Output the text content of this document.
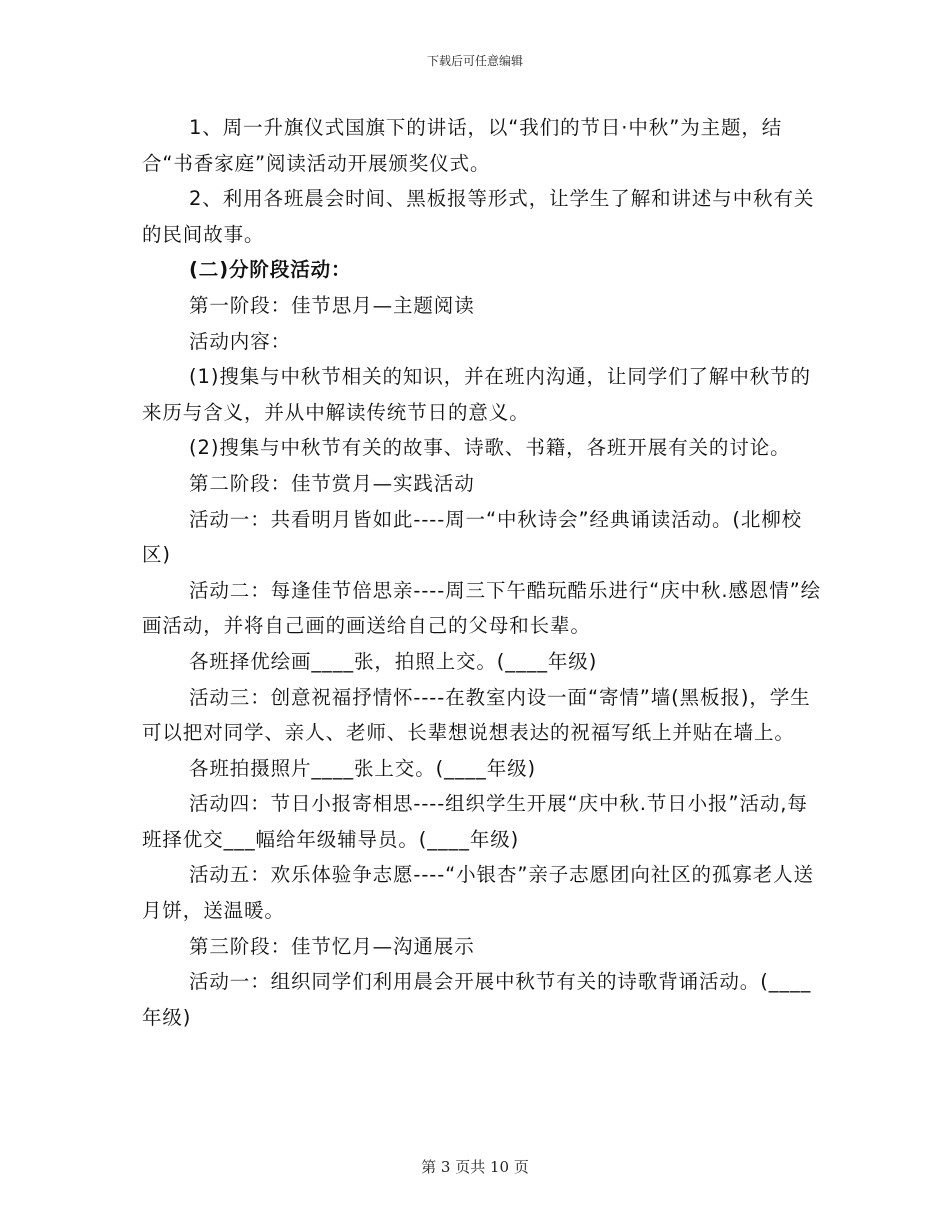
下载后可任意编辑

1、周一升旗仪式国旗下的讲话，以“我们的节日·中秋”为主题，结合“书香家庭”阅读活动开展颁奖仪式。

2、利用各班晨会时间、黑板报等形式，让学生了解和讲述与中秋有关的民间故事。

(二)分阶段活动：

第一阶段：佳节思月—主题阅读

活动内容：

(1)搜集与中秋节相关的知识，并在班内沟通，让同学们了解中秋节的来历与含义，并从中解读传统节日的意义。

(2)搜集与中秋节有关的故事、诗歌、书籍，各班开展有关的讨论。

第二阶段：佳节赏月—实践活动

活动一：共看明月皆如此----周一“中秋诗会”经典诵读活动。(北柳校区)

活动二：每逢佳节倍思亲----周三下午酷玩酷乐进行“庆中秋.感恩情”绘画活动，并将自己画的画送给自己的父母和长辈。

各班择优绘画____张，拍照上交。(____年级)

活动三：创意祝福抒情怀----在教室内设一面“寄情”墙(黑板报)，学生可以把对同学、亲人、老师、长辈想说想表达的祝福写纸上并贴在墙上。

各班拍摄照片____张上交。(____年级)

活动四：节日小报寄相思----组织学生开展“庆中秋.节日小报”活动,每班择优交___幅给年级辅导员。(____年级)

活动五：欢乐体验争志愿----“小银杏”亲子志愿团向社区的孤寡老人送月饼，送温暖。

第三阶段：佳节忆月—沟通展示

活动一：组织同学们利用晨会开展中秋节有关的诗歌背诵活动。(____年级)

第 3 页共 10 页
